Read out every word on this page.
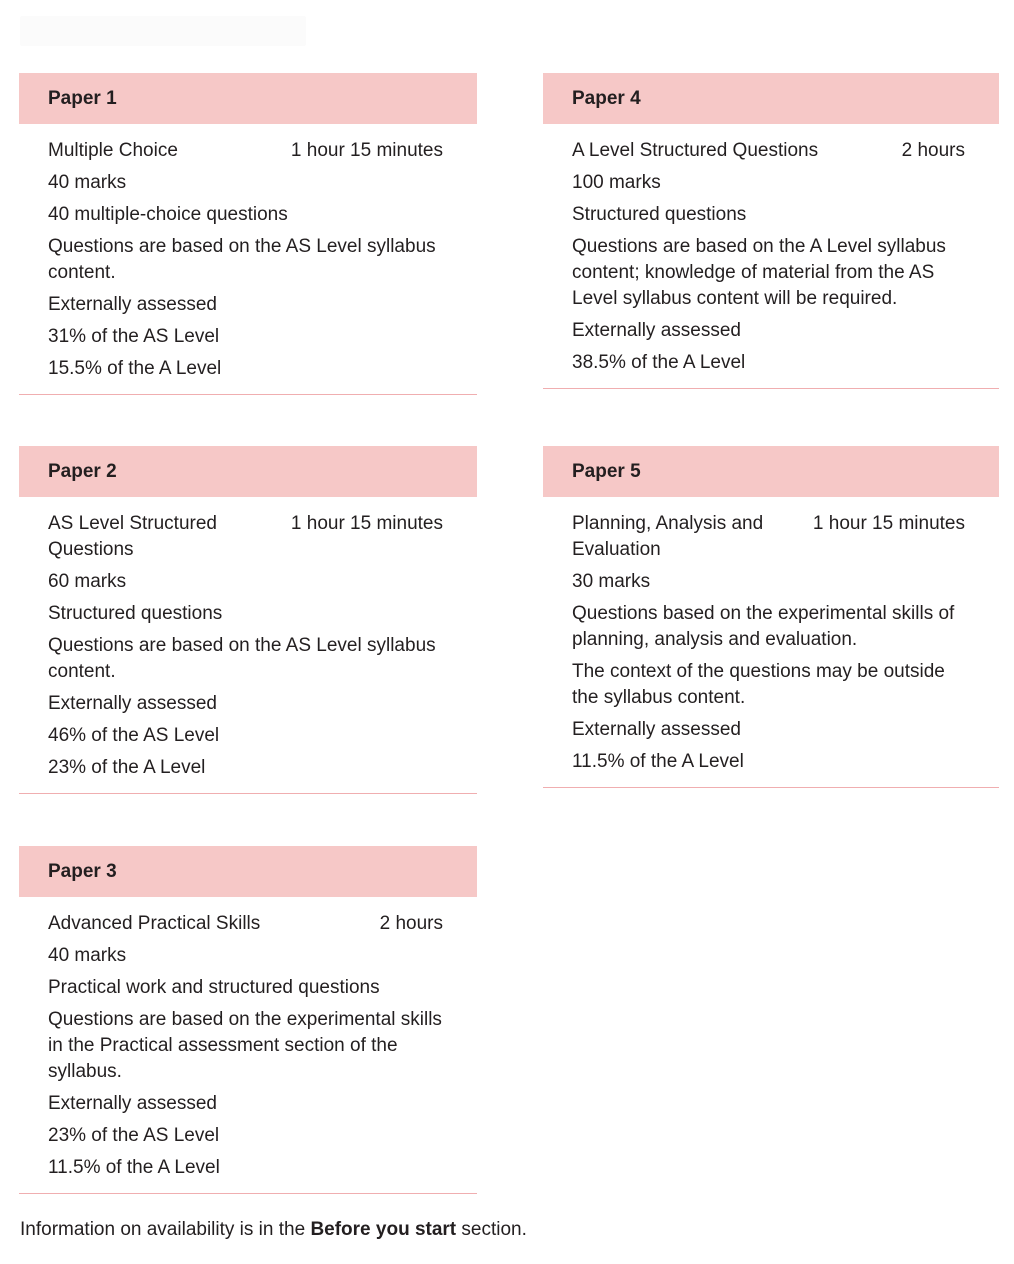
Paper 1
Multiple Choice	1 hour 15 minutes
40 marks
40 multiple-choice questions
Questions are based on the AS Level syllabus content.
Externally assessed
31% of the AS Level
15.5% of the A Level
Paper 2
AS Level Structured Questions
1 hour 15 minutes
60 marks
Structured questions
Questions are based on the AS Level syllabus content.
Externally assessed
46% of the AS Level
23% of the A Level
Paper 3
Advanced Practical Skills	2 hours
40 marks
Practical work and structured questions
Questions are based on the experimental skills in the Practical assessment section of the syllabus.
Externally assessed
23% of the AS Level
11.5% of the A Level
Paper 4
A Level Structured Questions	2 hours
100 marks
Structured questions
Questions are based on the A Level syllabus content; knowledge of material from the AS Level syllabus content will be required.
Externally assessed
38.5% of the A Level
Paper 5
Planning, Analysis and Evaluation
1 hour 15 minutes
30 marks
Questions based on the experimental skills of planning, analysis and evaluation.
The context of the questions may be outside the syllabus content.
Externally assessed
11.5% of the A Level
Information on availability is in the Before you start section.
